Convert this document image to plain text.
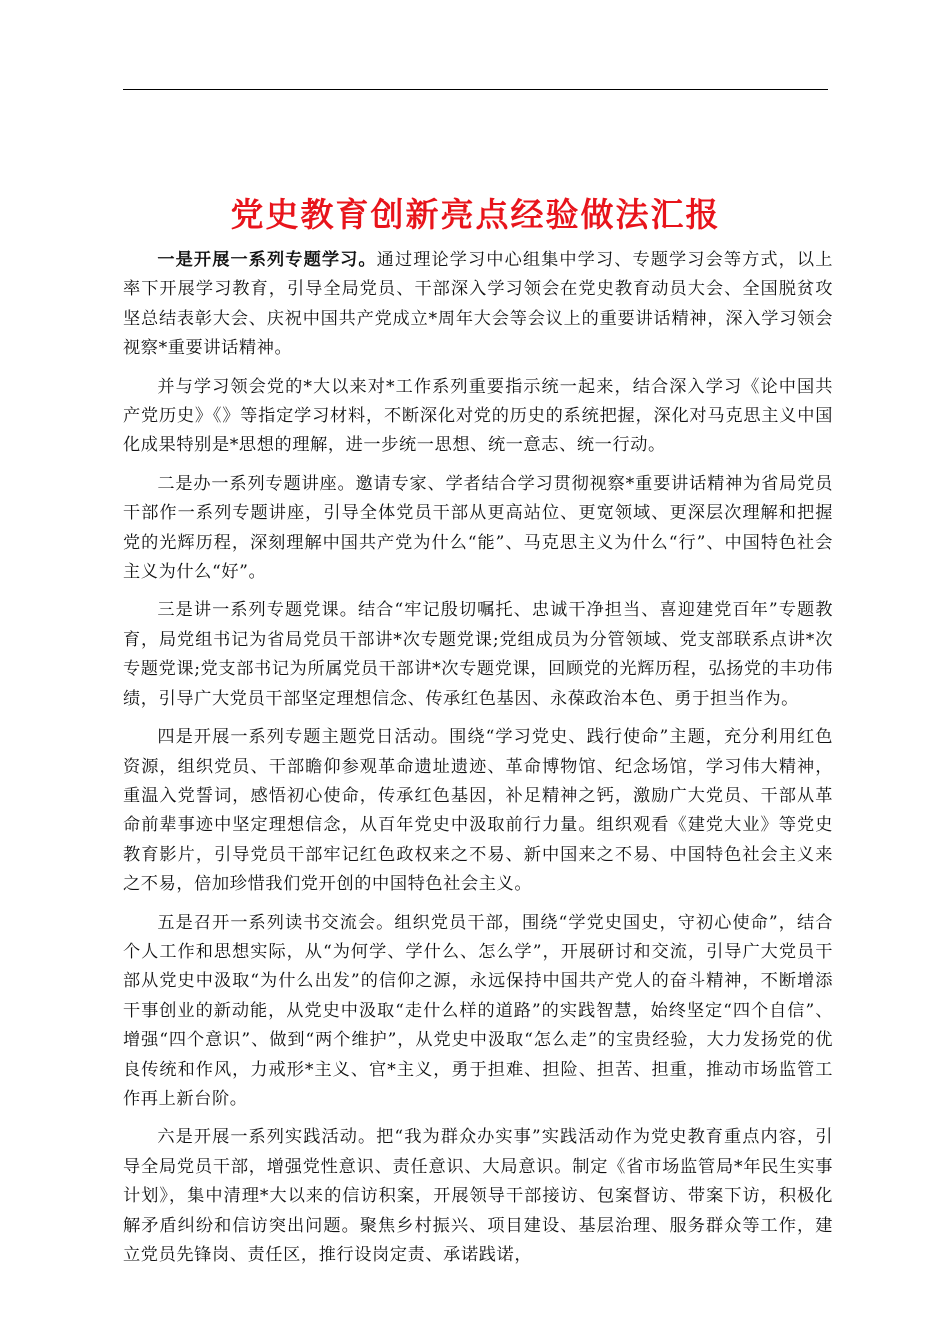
党史教育创新亮点经验做法汇报

一是开展一系列专题学习。通过理论学习中心组集中学习、专题学习会等方式，以上率下开展学习教育，引导全局党员、干部深入学习领会在党史教育动员大会、全国脱贫攻坚总结表彰大会、庆祝中国共产党成立*周年大会等会议上的重要讲话精神，深入学习领会视察*重要讲话精神。

并与学习领会党的*大以来对*工作系列重要指示统一起来，结合深入学习《论中国共产党历史》《》等指定学习材料，不断深化对党的历史的系统把握，深化对马克思主义中国化成果特别是*思想的理解，进一步统一思想、统一意志、统一行动。

二是办一系列专题讲座。邀请专家、学者结合学习贯彻视察*重要讲话精神为省局党员干部作一系列专题讲座，引导全体党员干部从更高站位、更宽领域、更深层次理解和把握党的光辉历程，深刻理解中国共产党为什么“能”、马克思主义为什么“行”、中国特色社会主义为什么“好”。

三是讲一系列专题党课。结合“牢记殷切嘱托、忠诚干净担当、喜迎建党百年”专题教育，局党组书记为省局党员干部讲*次专题党课;党组成员为分管领域、党支部联系点讲*次专题党课;党支部书记为所属党员干部讲*次专题党课，回顾党的光辉历程，弘扬党的丰功伟绩，引导广大党员干部坚定理想信念、传承红色基因、永葆政治本色、勇于担当作为。

四是开展一系列专题主题党日活动。围绕“学习党史、践行使命”主题，充分利用红色资源，组织党员、干部瞻仰参观革命遗址遗迹、革命博物馆、纪念场馆，学习伟大精神，重温入党誓词，感悟初心使命，传承红色基因，补足精神之钙，激励广大党员、干部从革命前辈事迹中坚定理想信念，从百年党史中汲取前行力量。组织观看《建党大业》等党史教育影片，引导党员干部牢记红色政权来之不易、新中国来之不易、中国特色社会主义来之不易，倍加珍惜我们党开创的中国特色社会主义。

五是召开一系列读书交流会。组织党员干部，围绕“学党史国史，守初心使命”，结合个人工作和思想实际，从“为何学、学什么、怎么学”，开展研讨和交流，引导广大党员干部从党史中汲取“为什么出发”的信仰之源，永远保持中国共产党人的奋斗精神，不断增添干事创业的新动能，从党史中汲取“走什么样的道路”的实践智慧，始终坚定“四个自信”、增强“四个意识”、做到“两个维护”，从党史中汲取“怎么走”的宝贵经验，大力发扬党的优良传统和作风，力戒形*主义、官*主义，勇于担难、担险、担苦、担重，推动市场监管工作再上新台阶。

六是开展一系列实践活动。把“我为群众办实事”实践活动作为党史教育重点内容，引导全局党员干部，增强党性意识、责任意识、大局意识。制定《省市场监管局*年民生实事计划》，集中清理*大以来的信访积案，开展领导干部接访、包案督访、带案下访，积极化解矛盾纠纷和信访突出问题。聚焦乡村振兴、项目建设、基层治理、服务群众等工作，建立党员先锋岗、责任区，推行设岗定责、承诺践诺，
